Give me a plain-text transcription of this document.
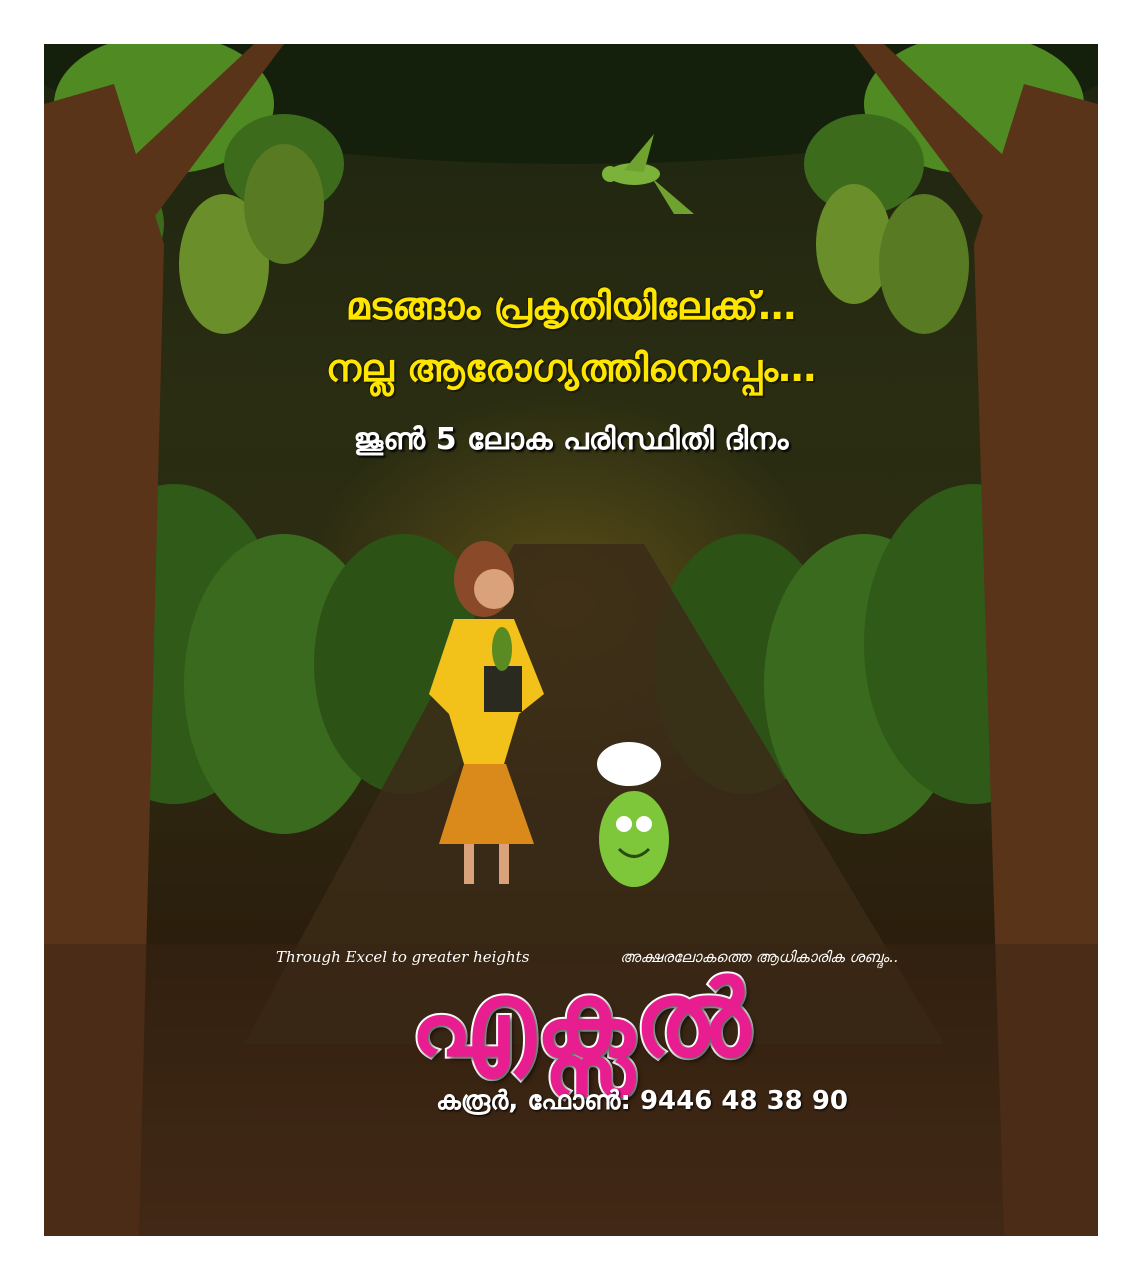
മടങ്ങാം പ്രകൃതിയിലേക്ക്…
നല്ല ആരോഗ്യത്തിനൊപ്പം…
ജൂൺ 5 ലോക പരിസ്ഥിതി ദിനം
Through Excel to greater heights	അക്ഷരലോകത്തെ ആധികാരിക ശബ്ദം..
എക്സൽ
കരൂർ, ഫോൺ: 9446 48 38 90
